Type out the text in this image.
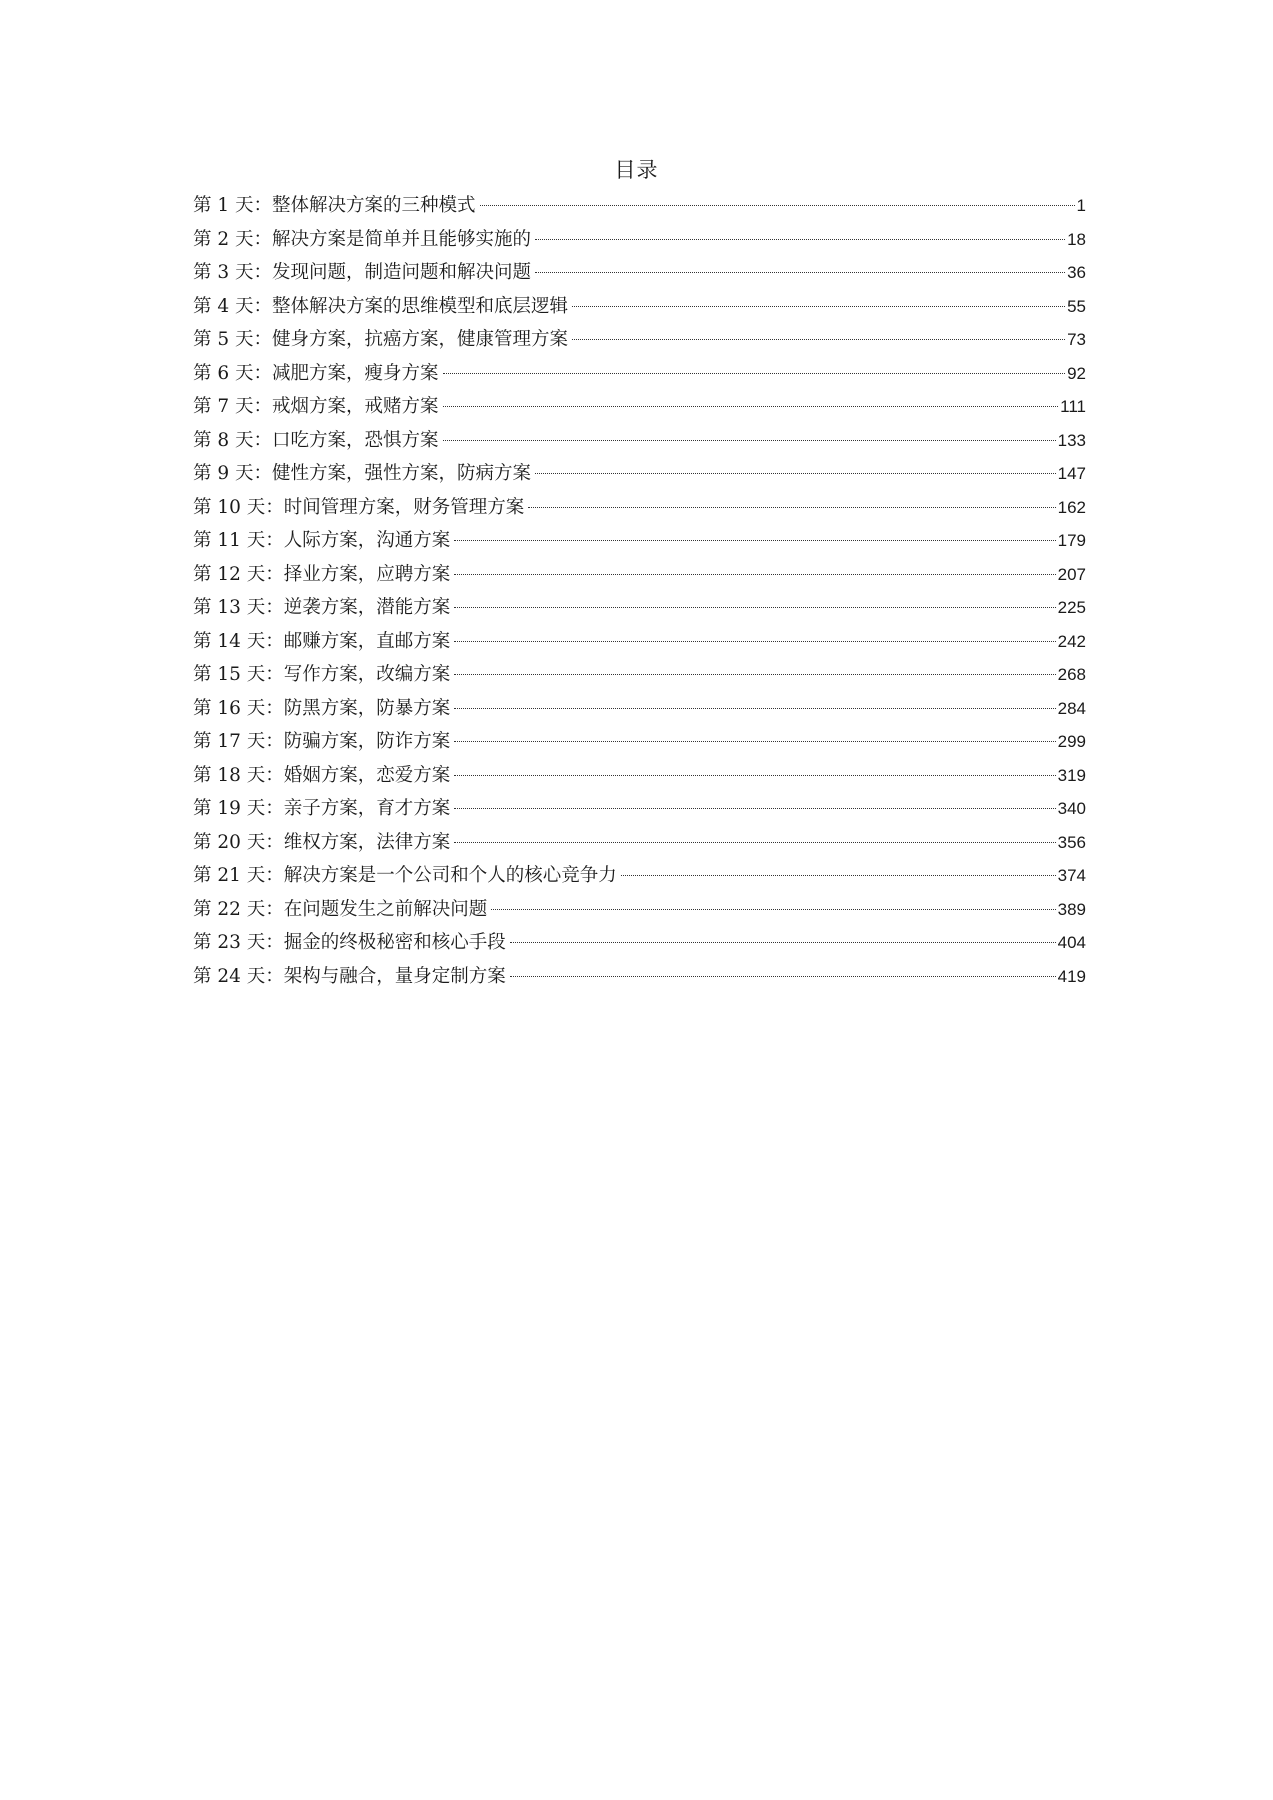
目录
第 1 天：整体解决方案的三种模式	1
第 2 天：解决方案是简单并且能够实施的	18
第 3 天：发现问题，制造问题和解决问题	36
第 4 天：整体解决方案的思维模型和底层逻辑	55
第 5 天：健身方案，抗癌方案，健康管理方案	73
第 6 天：减肥方案，瘦身方案	92
第 7 天：戒烟方案，戒赌方案	111
第 8 天：口吃方案，恐惧方案	133
第 9 天：健性方案，强性方案，防病方案	147
第 10 天：时间管理方案，财务管理方案	162
第 11 天：人际方案，沟通方案	179
第 12 天：择业方案，应聘方案	207
第 13 天：逆袭方案，潜能方案	225
第 14 天：邮赚方案，直邮方案	242
第 15 天：写作方案，改编方案	268
第 16 天：防黑方案，防暴方案	284
第 17 天：防骗方案，防诈方案	299
第 18 天：婚姻方案，恋爱方案	319
第 19 天：亲子方案，育才方案	340
第 20 天：维权方案，法律方案	356
第 21 天：解决方案是一个公司和个人的核心竞争力	374
第 22 天：在问题发生之前解决问题	389
第 23 天：掘金的终极秘密和核心手段	404
第 24 天：架构与融合，量身定制方案	419
